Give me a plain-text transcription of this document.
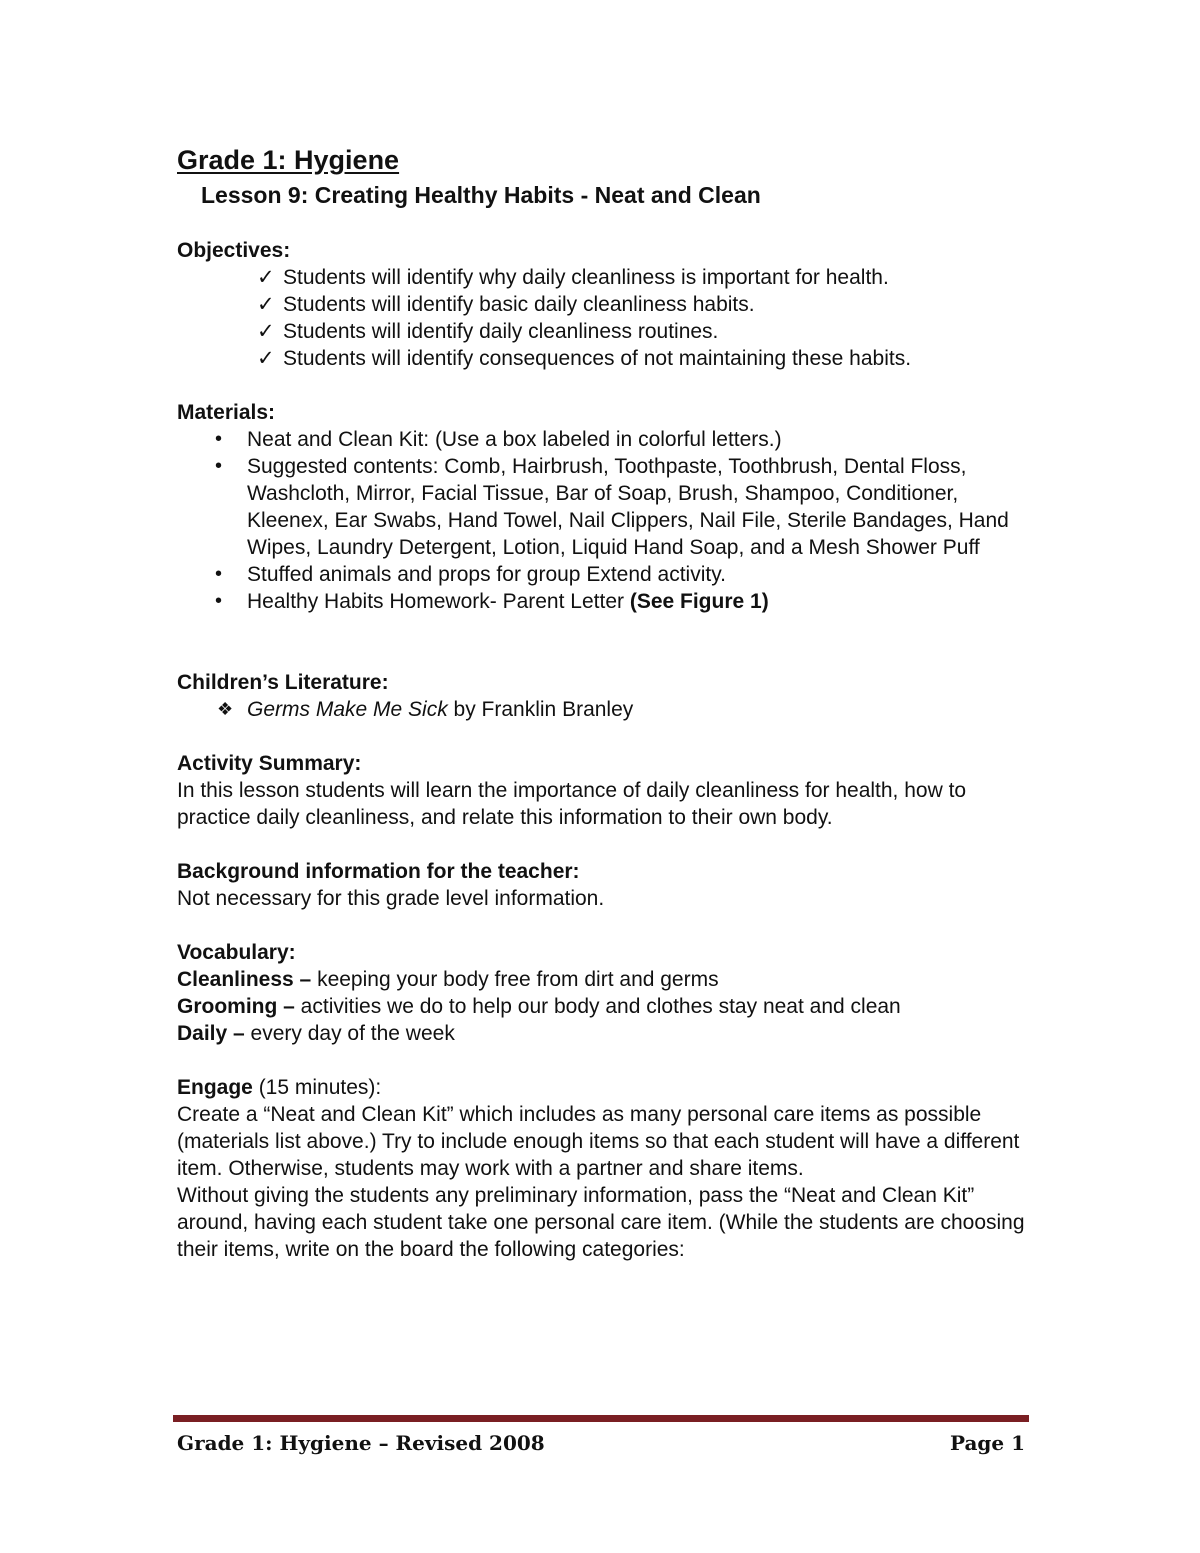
Grade 1: Hygiene
Lesson 9: Creating Healthy Habits - Neat and Clean

Objectives:

✓ Students will identify why daily cleanliness is important for health.
✓ Students will identify basic daily cleanliness habits.
✓ Students will identify daily cleanliness routines.
✓ Students will identify consequences of not maintaining these habits.

Materials:

• Neat and Clean Kit: (Use a box labeled in colorful letters.)
• Suggested contents: Comb, Hairbrush, Toothpaste, Toothbrush, Dental Floss, Washcloth, Mirror, Facial Tissue, Bar of Soap, Brush, Shampoo, Conditioner, Kleenex, Ear Swabs, Hand Towel, Nail Clippers, Nail File, Sterile Bandages, Hand Wipes, Laundry Detergent, Lotion, Liquid Hand Soap, and a Mesh Shower Puff
• Stuffed animals and props for group Extend activity.
• Healthy Habits Homework- Parent Letter (See Figure 1)

Children’s Literature:

❖ Germs Make Me Sick by Franklin Branley

Activity Summary:

In this lesson students will learn the importance of daily cleanliness for health, how to practice daily cleanliness, and relate this information to their own body.

Background information for the teacher:

Not necessary for this grade level information.

Vocabulary:

Cleanliness – keeping your body free from dirt and germs

Grooming – activities we do to help our body and clothes stay neat and clean

Daily – every day of the week

Engage (15 minutes):

Create a “Neat and Clean Kit” which includes as many personal care items as possible (materials list above.) Try to include enough items so that each student will have a different item. Otherwise, students may work with a partner and share items.

Without giving the students any preliminary information, pass the “Neat and Clean Kit” around, having each student take one personal care item. (While the students are choosing their items, write on the board the following categories:

Grade 1: Hygiene – Revised 2008	Page 1
